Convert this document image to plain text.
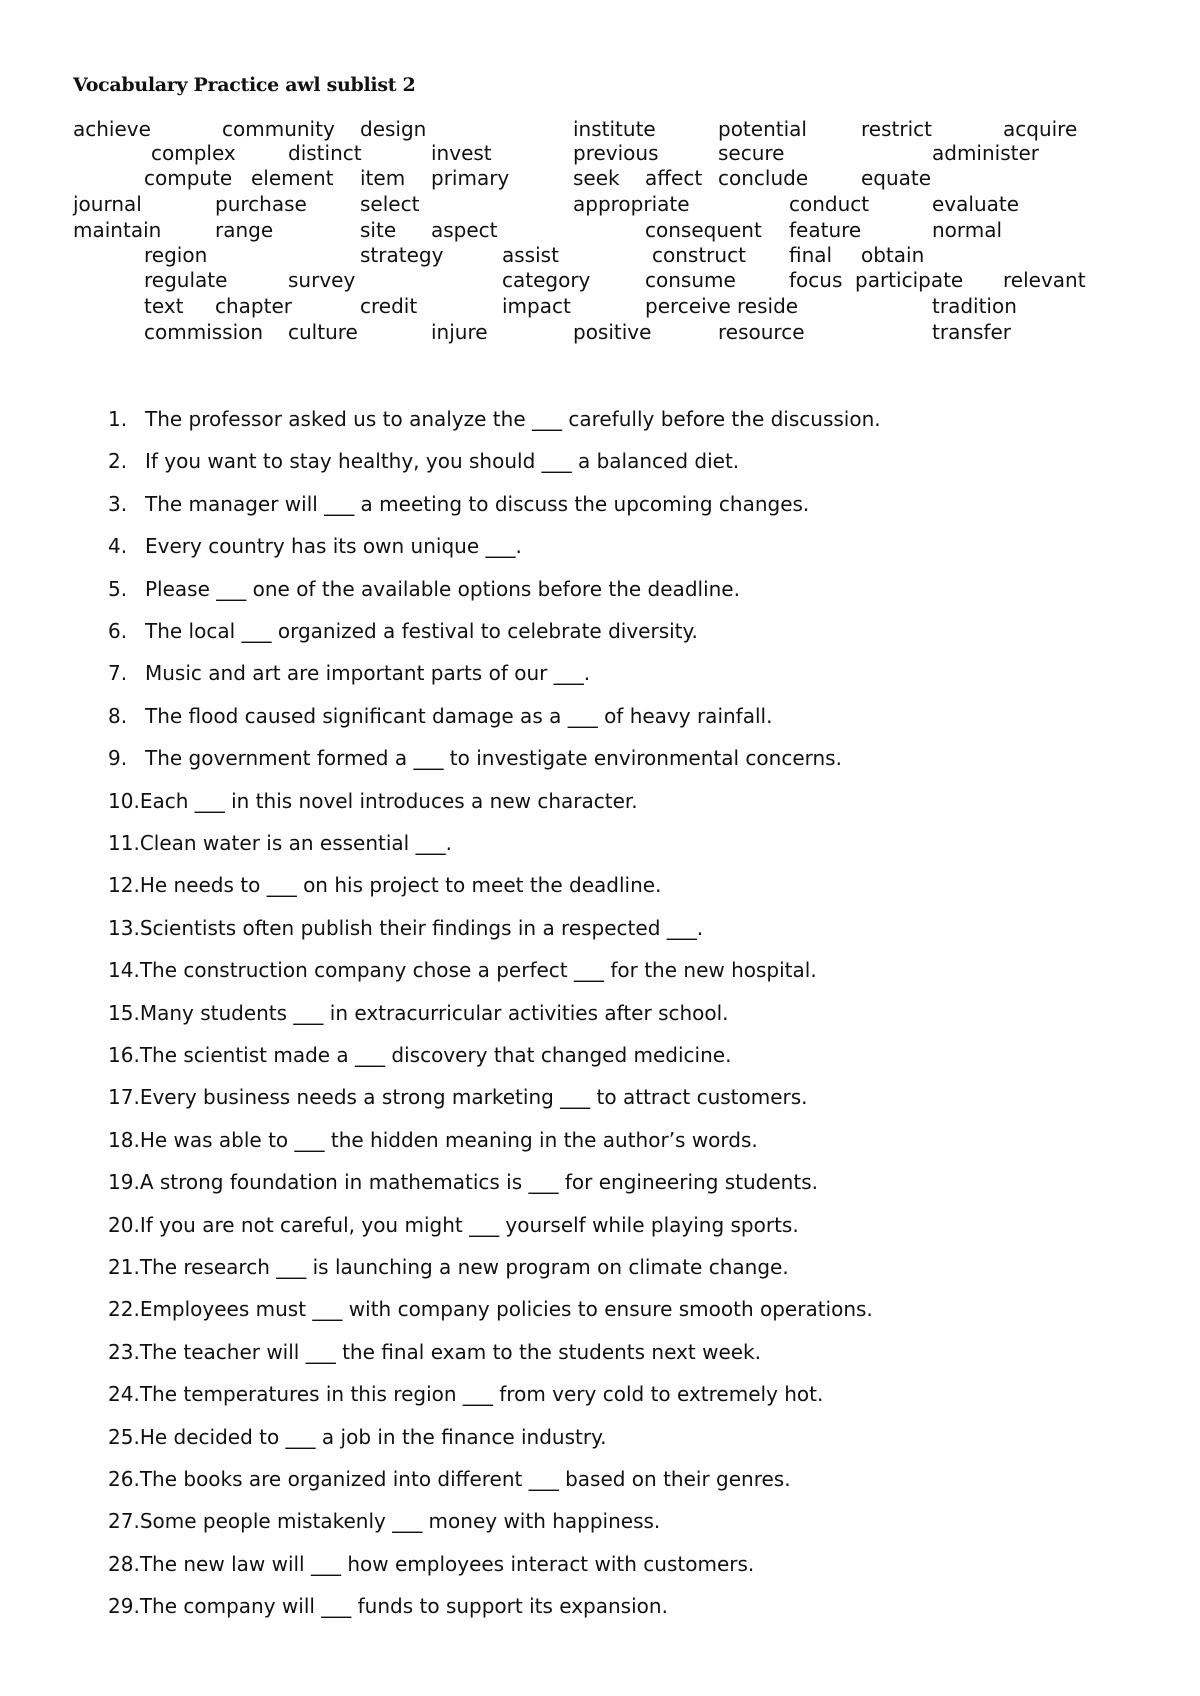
Vocabulary Practice awl sublist 2
achieve	community design	institute	potential	restrict	acquire
complex	distinct	invest	previous	secure	administer
compute element item primary	seek affect conclude	equate
journal	purchase	select	appropriate	conduct	evaluate
maintain	range	site aspect	consequent feature	normal
region	strategy	assist	construct final obtain
regulate	survey	category	consume	focus participate relevant
text chapter	credit	impact	perceive reside	tradition
commission culture	injure	positive	resource	transfer
1. The professor asked us to analyze the ___ carefully before the discussion.
2. If you want to stay healthy, you should ___ a balanced diet.
3. The manager will ___ a meeting to discuss the upcoming changes.
4. Every country has its own unique ___.
5. Please ___ one of the available options before the deadline.
6. The local ___ organized a festival to celebrate diversity.
7. Music and art are important parts of our ___.
8. The flood caused significant damage as a ___ of heavy rainfall.
9. The government formed a ___ to investigate environmental concerns.
10.Each ___ in this novel introduces a new character.
11.Clean water is an essential ___.
12.He needs to ___ on his project to meet the deadline.
13.Scientists often publish their findings in a respected ___.
14.The construction company chose a perfect ___ for the new hospital.
15.Many students ___ in extracurricular activities after school.
16.The scientist made a ___ discovery that changed medicine.
17.Every business needs a strong marketing ___ to attract customers.
18.He was able to ___ the hidden meaning in the author’s words.
19.A strong foundation in mathematics is ___ for engineering students.
20.If you are not careful, you might ___ yourself while playing sports.
21.The research ___ is launching a new program on climate change.
22.Employees must ___ with company policies to ensure smooth operations.
23.The teacher will ___ the final exam to the students next week.
24.The temperatures in this region ___ from very cold to extremely hot.
25.He decided to ___ a job in the finance industry.
26.The books are organized into different ___ based on their genres.
27.Some people mistakenly ___ money with happiness.
28.The new law will ___ how employees interact with customers.
29.The company will ___ funds to support its expansion.
